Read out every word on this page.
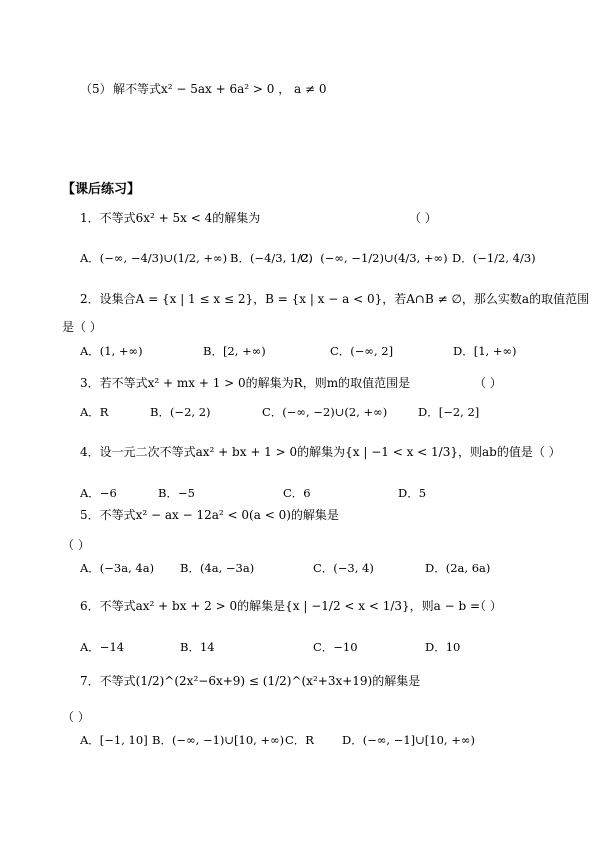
（5） 解不等式x² − 5ax + 6a² > 0 ， a ≠ 0
【课后练习】
1．不等式6x² + 5x < 4的解集为	（ ）
A．(−∞, −4/3)∪(1/2, +∞) B．(−4/3, 1/2)
C．(−∞, −1/2)∪(4/3, +∞) D．(−1/2, 4/3)
2．设集合A = {x | 1 ≤ x ≤ 2}，B = {x | x − a < 0}，若A∩B ≠ ∅，那么实数a的取值范围
是（ ）
A．(1, +∞)	B．[2, +∞)	C．(−∞, 2]	D．[1, +∞)
3．若不等式x² + mx + 1 > 0的解集为R，则m的取值范围是	（ ）
A．R	B．(−2, 2)	C．(−∞, −2)∪(2, +∞)	D．[−2, 2]
4．设一元二次不等式ax² + bx + 1 > 0的解集为{x | −1 < x < 1/3}，则ab的值是（ ）
A．−6	B．−5	C．6	D．5
5．不等式x² − ax − 12a² < 0(a < 0)的解集是
（ ）
A．(−3a, 4a) B．(4a, −3a)	C．(−3, 4)	D．(2a, 6a)
6．不等式ax² + bx + 2 > 0的解集是{x | −1/2 < x < 1/3}，则a − b =
（ ）
A．−14	B．14	C．−10	D．10
7．不等式(1/2)^(2x²−6x+9) ≤ (1/2)^(x²+3x+19)的解集是
（ ）
A．[−1, 10] B．(−∞, −1)∪[10, +∞) C．R D．(−∞, −1]∪[10, +∞)
